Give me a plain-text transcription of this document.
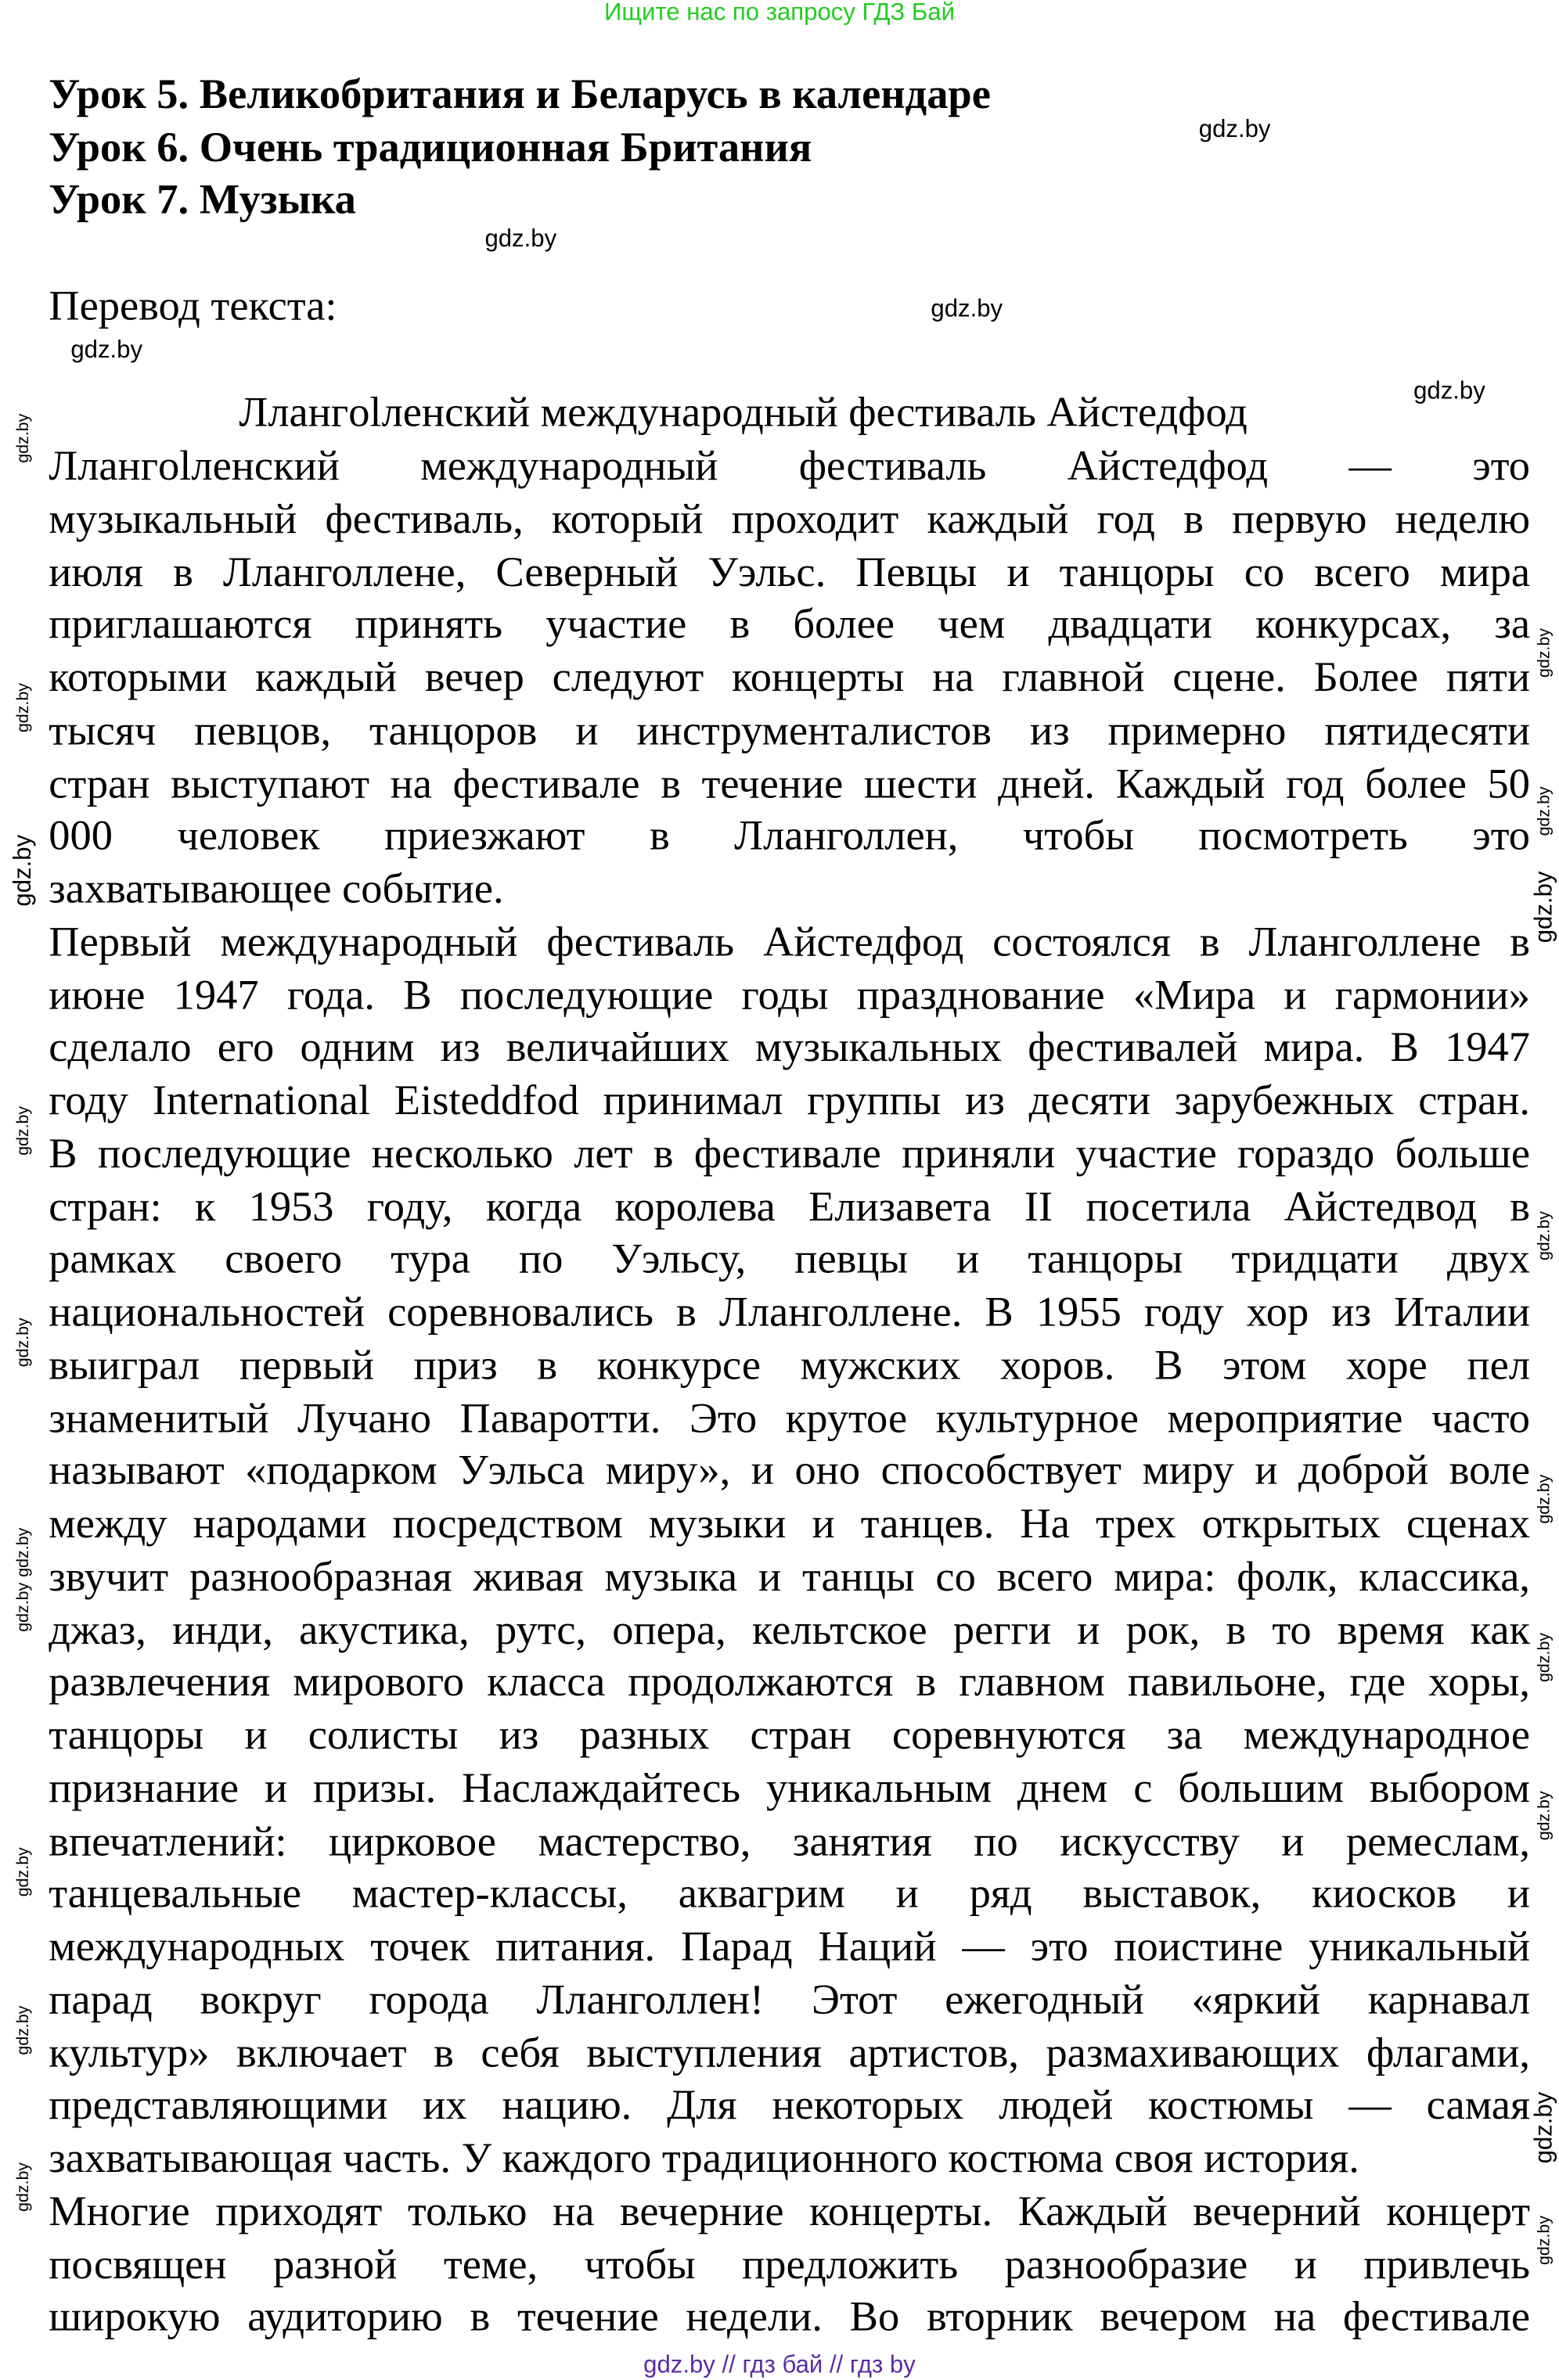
Ищите нас по запросу ГДЗ Бай
Урок 5. Великобритания и Беларусь в календаре
Урок 6. Очень традиционная Британия
Урок 7. Музыка
Перевод текста:
Ллангolленский международный фестиваль Айстедфод
Ллангolленский международный фестиваль Айстедфод — это
музыкальный фестиваль, который проходит каждый год в первую неделю
июля в Лланголлене, Северный Уэльс. Певцы и танцоры со всего мира
приглашаются принять участие в более чем двадцати конкурсах, за
которыми каждый вечер следуют концерты на главной сцене. Более пяти
тысяч певцов, танцоров и инструменталистов из примерно пятидесяти
стран выступают на фестивале в течение шести дней. Каждый год более 50
000 человек приезжают в Лланголлен, чтобы посмотреть это
захватывающее событие.
Первый международный фестиваль Айстедфод состоялся в Лланголлене в
июне 1947 года. В последующие годы празднование «Мира и гармонии»
сделало его одним из величайших музыкальных фестивалей мира. В 1947
году International Eisteddfod принимал группы из десяти зарубежных стран.
В последующие несколько лет в фестивале приняли участие гораздо больше
стран: к 1953 году, когда королева Елизавета II посетила Айстедвод в
рамках своего тура по Уэльсу, певцы и танцоры тридцати двух
национальностей соревновались в Лланголлене. В 1955 году хор из Италии
выиграл первый приз в конкурсе мужских хоров. В этом хоре пел
знаменитый Лучано Паваротти. Это крутое культурное мероприятие часто
называют «подарком Уэльса миру», и оно способствует миру и доброй воле
между народами посредством музыки и танцев. На трех открытых сценах
звучит разнообразная живая музыка и танцы со всего мира: фолк, классика,
джаз, инди, акустика, рутс, опера, кельтское регги и рок, в то время как
развлечения мирового класса продолжаются в главном павильоне, где хоры,
танцоры и солисты из разных стран соревнуются за международное
признание и призы. Наслаждайтесь уникальным днем с большим выбором
впечатлений: цирковое мастерство, занятия по искусству и ремеслам,
танцевальные мастер-классы, аквагрим и ряд выставок, киосков и
международных точек питания. Парад Наций — это поистине уникальный
парад вокруг города Лланголлен! Этот ежегодный «яркий карнавал
культур» включает в себя выступления артистов, размахивающих флагами,
представляющими их нацию. Для некоторых людей костюмы — самая
захватывающая часть. У каждого традиционного костюма своя история.
Многие приходят только на вечерние концерты. Каждый вечерний концерт
посвящен разной теме, чтобы предложить разнообразие и привлечь
широкую аудиторию в течение недели. Во вторник вечером на фестивале
gdz.by
gdz.by
gdz.by
gdz.by
gdz.by
gdz.by
gdz.by
gdz.by
gdz.by
gdz.by
gdz.by
gdz.by
gdz.by
gdz.by
gdz.by
gdz.by
gdz.by
gdz.by
gdz.by
gdz.by
gdz.by
gdz.by
gdz.by
gdz.by
gdz.by // гдз бай // гдз by
